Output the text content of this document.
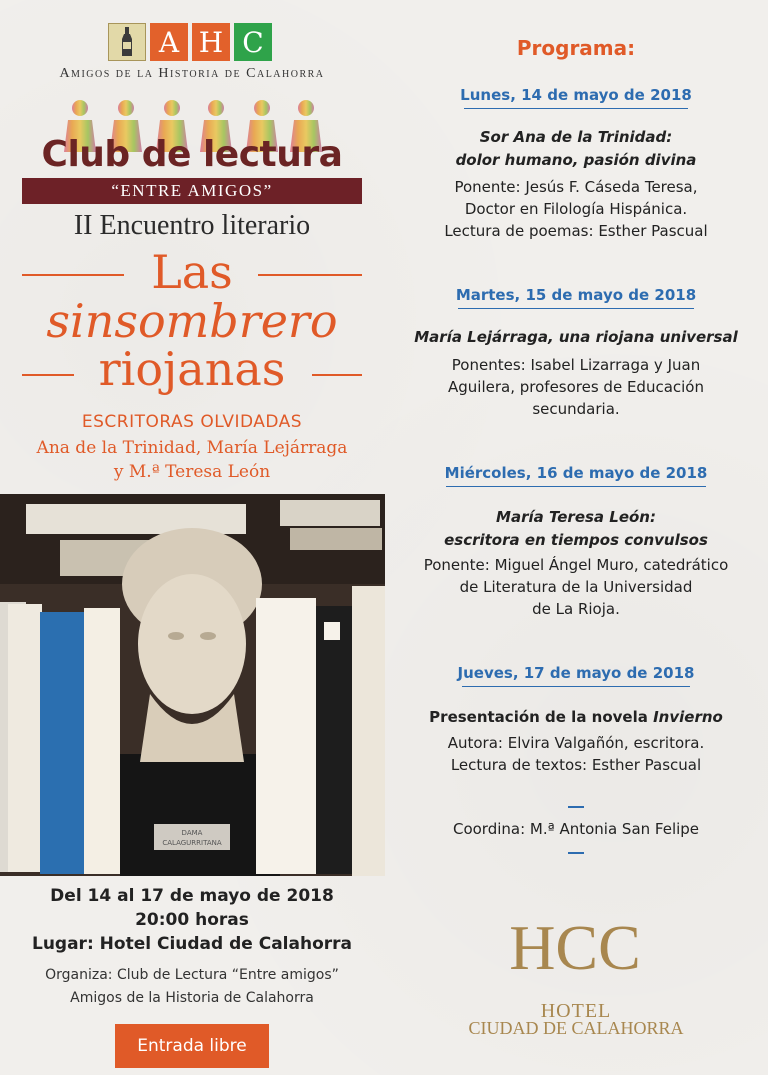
A H C
Amigos de la Historia de Calahorra
Club de lectura
“ENTRE AMIGOS”
II Encuentro literario
Las
sinsombrero
riojanas
ESCRITORAS OLVIDADAS
Ana de la Trinidad, María Lejárraga
y M.ª Teresa León
DAMA
CALAGURRITANA
Del 14 al 17 de mayo de 2018
20:00 horas
Lugar: Hotel Ciudad de Calahorra
Organiza: Club de Lectura “Entre amigos”
Amigos de la Historia de Calahorra
Entrada libre
Programa:
Lunes, 14 de mayo de 2018
Sor Ana de la Trinidad:
dolor humano, pasión divina
Ponente: Jesús F. Cáseda Teresa,
Doctor en Filología Hispánica.
Lectura de poemas: Esther Pascual
Martes, 15 de mayo de 2018
María Lejárraga, una riojana universal
Ponentes: Isabel Lizarraga y Juan
Aguilera, profesores de Educación
secundaria.
Miércoles, 16 de mayo de 2018
María Teresa León:
escritora en tiempos convulsos
Ponente: Miguel Ángel Muro, catedrático
de Literatura de la Universidad
de La Rioja.
Jueves, 17 de mayo de 2018
Presentación de la novela Invierno
Autora: Elvira Valgañón, escritora.
Lectura de textos: Esther Pascual
Coordina: M.ª Antonia San Felipe
HCC
HOTEL
CIUDAD DE CALAHORRA
